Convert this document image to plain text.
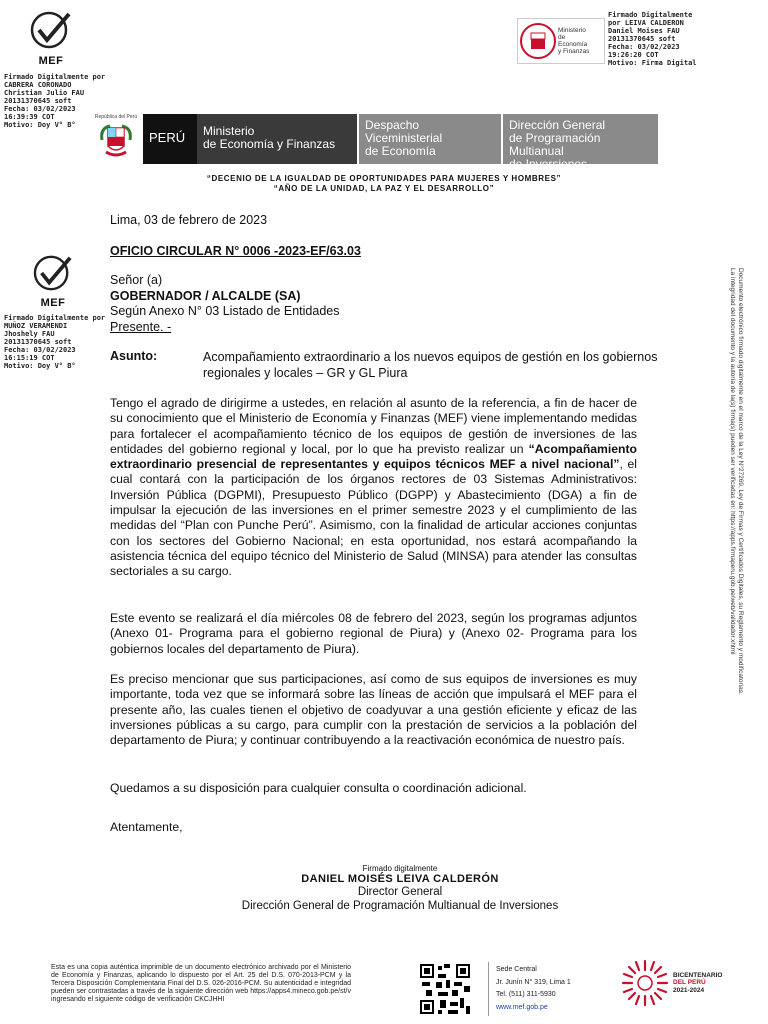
MEF
Firmado Digitalmente por
CABRERA CORONADO
Christian Julio FAU
20131370645 soft
Fecha: 03/02/2023
16:39:39 COT
Motivo: Doy V° B°
Ministerio
de
Economía
y Finanzas
Firmado Digitalmente
por LEIVA CALDERON
Daniel Moises FAU
20131370645 soft
Fecha: 03/02/2023
19:26:20 COT
Motivo: Firma Digital
República del Perú
PERÚ	Ministerio
de Economía y Finanzas
Despacho
Viceministerial
de Economía
Dirección General
de Programación Multianual
de Inversiones
“DECENIO DE LA IGUALDAD DE OPORTUNIDADES PARA MUJERES Y HOMBRES”
“AÑO DE LA UNIDAD, LA PAZ Y EL DESARROLLO”
MEF
Firmado Digitalmente por
MUÑOZ VERAMENDI
Jhoshely FAU
20131370645 soft
Fecha: 03/02/2023
16:15:19 COT
Motivo: Doy V° B°
Lima, 03 de febrero de 2023
OFICIO CIRCULAR N° 0006 -2023-EF/63.03
Señor (a)
GOBERNADOR / ALCALDE (SA)
Según Anexo N° 03 Listado de Entidades
Presente. -
Asunto:	Acompañamiento extraordinario a los nuevos equipos de gestión en los gobiernos regionales y locales – GR y GL Piura
Tengo el agrado de dirigirme a ustedes, en relación al asunto de la referencia, a fin de hacer de su conocimiento que el Ministerio de Economía y Finanzas (MEF) viene implementando medidas para fortalecer el acompañamiento técnico de los equipos de gestión de inversiones de las entidades del gobierno regional y local, por lo que ha previsto realizar un “Acompañamiento extraordinario presencial de representantes y equipos técnicos MEF a nivel nacional”, el cual contará con la participación de los órganos rectores de 03 Sistemas Administrativos: Inversión Pública (DGPMI), Presupuesto Público (DGPP) y Abastecimiento (DGA) a fin de impulsar la ejecución de las inversiones en el primer semestre 2023 y el cumplimiento de las medidas del “Plan con Punche Perú”. Asimismo, con la finalidad de articular acciones conjuntas con los sectores del Gobierno Nacional; en esta oportunidad, nos estará acompañando la asistencia técnica del equipo técnico del Ministerio de Salud (MINSA) para atender las consultas sectoriales a su cargo.
Este evento se realizará el día miércoles 08 de febrero del 2023, según los programas adjuntos (Anexo 01- Programa para el gobierno regional de Piura) y (Anexo 02- Programa para los gobiernos locales del departamento de Piura).
Es preciso mencionar que sus participaciones, así como de sus equipos de inversiones es muy importante, toda vez que se informará sobre las líneas de acción que impulsará el MEF para el presente año, las cuales tienen el objetivo de coadyuvar a una gestión eficiente y eficaz de las inversiones públicas a su cargo, para cumplir con la prestación de servicios a la población del departamento de Piura; y continuar contribuyendo a la reactivación económica de nuestro país.
Quedamos a su disposición para cualquier consulta o coordinación adicional.
Atentamente,
Firmado digitalmente
DANIEL MOISÉS LEIVA CALDERÓN
Director General
Dirección General de Programación Multianual de Inversiones
Documento electrónico firmado digitalmente en el marco de la Ley N°27269, Ley de Firmas y Certificados Digitales, su Reglamento y modificatorias.
La integridad del documento y la autoría de la(s) firma(s) pueden ser verificadas en: https://apps.firmaperu.gob.pe/web/validador.xhtml
Esta es una copia auténtica imprimible de un documento electrónico archivado por el Ministerio de Economía y Finanzas, aplicando lo dispuesto por el Art. 25 del D.S. 070-2013-PCM y la Tercera Disposición Complementaria Final del D.S. 026-2016-PCM. Su autenticidad e integridad pueden ser contrastadas a través de la siguiente dirección web https://apps4.mineco.gob.pe/st/v ingresando el siguiente código de verificación CKCJHHI
Sede Central
Jr. Junín N° 319, Lima 1
Tel. (511) 311-5930
www.mef.gob.pe
BICENTENARIO
DEL PERÚ
2021-2024
